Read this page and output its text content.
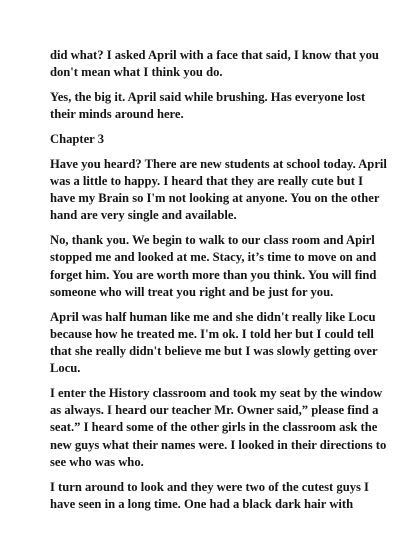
did what? I asked April with a face that said, I know that you don't mean what I think you do.

Yes, the big it. April said while brushing. Has everyone lost their minds around here.

Chapter 3

Have you heard? There are new students at school today. April was a little to happy. I heard that they are really cute but I have my Brain so I'm not looking at anyone. You on the other hand are very single and available.

No, thank you. We begin to walk to our class room and Apirl stopped me and looked at me. Stacy, it’s time to move on and forget him. You are worth more than you think. You will find someone who will treat you right and be just for you.

April was half human like me and she didn't really like Locu because how he treated me. I'm ok. I told her but I could tell that she really didn't believe me but I was slowly getting over Locu.

I enter the History classroom and took my seat by the window as always. I heard our teacher Mr. Owner said,” please find a seat.” I heard some of the other girls in the classroom ask the new guys what their names were. I looked in their directions to see who was who.

I turn around to look and they were two of the cutest guys I have seen in a long time. One had a black dark hair with
